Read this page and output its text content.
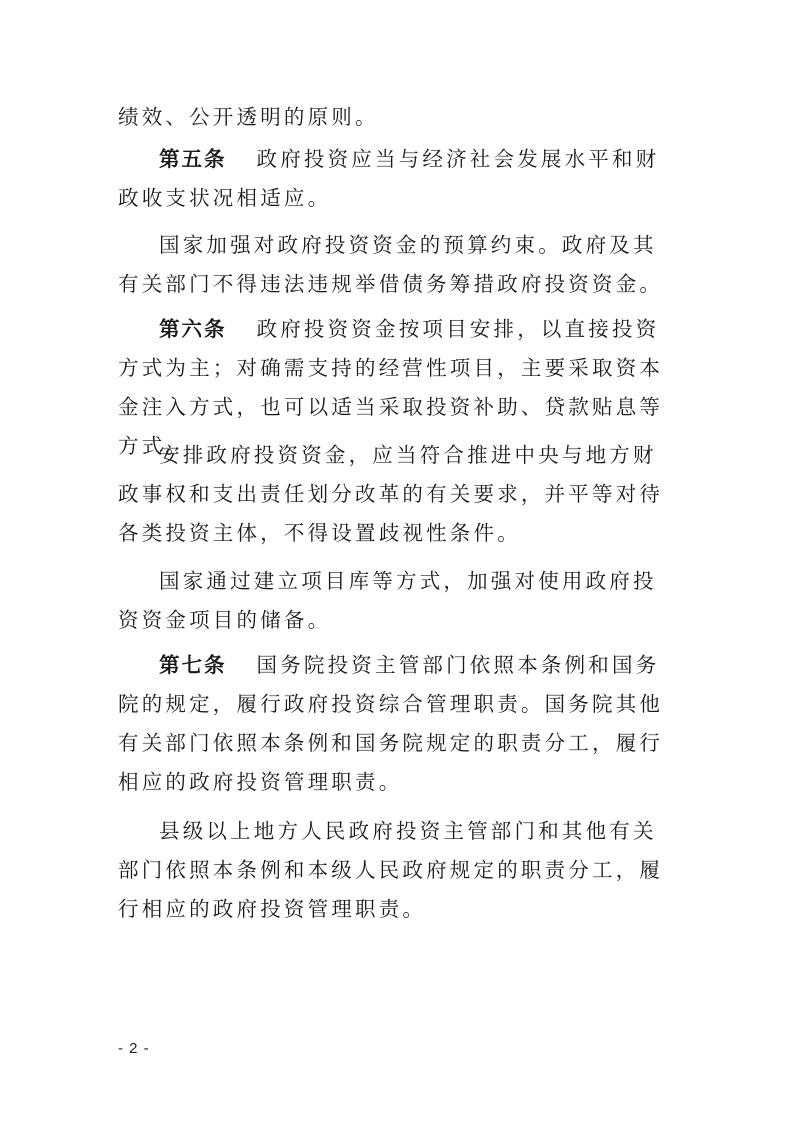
绩效、公开透明的原则。

第五条 政府投资应当与经济社会发展水平和财政收支状况相适应。

国家加强对政府投资资金的预算约束。政府及其有关部门不得违法违规举借债务筹措政府投资资金。

第六条 政府投资资金按项目安排，以直接投资方式为主；对确需支持的经营性项目，主要采取资本金注入方式，也可以适当采取投资补助、贷款贴息等方式。

安排政府投资资金，应当符合推进中央与地方财政事权和支出责任划分改革的有关要求，并平等对待各类投资主体，不得设置歧视性条件。

国家通过建立项目库等方式，加强对使用政府投资资金项目的储备。

第七条 国务院投资主管部门依照本条例和国务院的规定，履行政府投资综合管理职责。国务院其他有关部门依照本条例和国务院规定的职责分工，履行相应的政府投资管理职责。

县级以上地方人民政府投资主管部门和其他有关部门依照本条例和本级人民政府规定的职责分工，履行相应的政府投资管理职责。

- 2 -
